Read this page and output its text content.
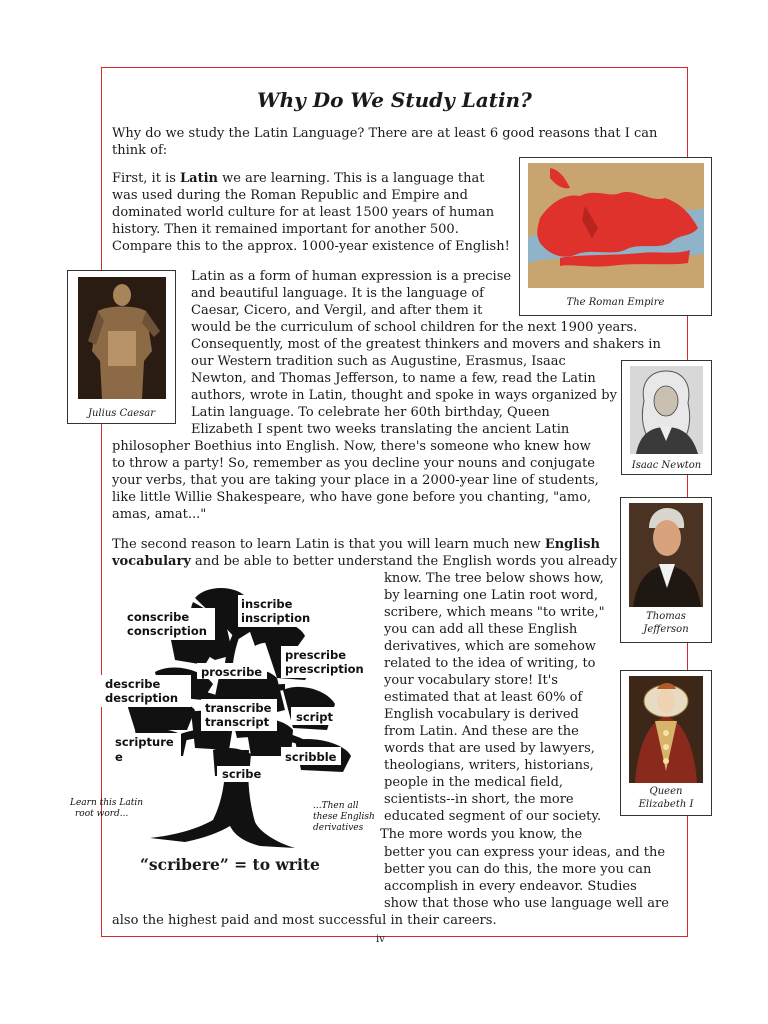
Why Do We Study Latin?

Why do we study the Latin Language? There are at least 6 good reasons that I can

think of:

First, it is Latin we are learning. This is a language that

was used during the Roman Republic and Empire and

dominated world culture for at least 1500 years of human

history. Then it remained important for another 500.

Compare this to the approx. 1000-year existence of English!

The Roman Empire
Julius Caesar

Latin as a form of human expression is a precise

and beautiful language. It is the language of

Caesar, Cicero, and Vergil, and after them it

would be the curriculum of school children for the next 1900 years.

Consequently, most of the greatest thinkers and movers and shakers in

our Western tradition such as Augustine, Erasmus, Isaac

Newton, and Thomas Jefferson, to name a few, read the Latin

authors, wrote in Latin, thought and spoke in ways organized by

Latin language. To celebrate her 60th birthday, Queen

Elizabeth I spent two weeks translating the ancient Latin

philosopher Boethius into English. Now, there's someone who knew how

to throw a party! So, remember as you decline your nouns and conjugate

your verbs, that you are taking your place in a 2000-year line of students,

like little Willie Shakespeare, who have gone before you chanting, "amo,

amas, amat..."

Isaac Newton

The second reason to learn Latin is that you will learn much new English

vocabulary and be able to better understand the English words you already

Thomas
Jefferson
Queen
Elizabeth I

know. The tree below shows how,

by learning one Latin root word,

scribere, which means "to write,"

you can add all these English

derivatives, which are somehow

related to the idea of writing, to

your vocabulary store! It's

estimated that at least 60% of

English vocabulary is derived

from Latin. And these are the

words that are used by lawyers,

theologians, writers, historians,

people in the medical field,

scientists--in short, the more

educated segment of our society.

The more words you know, the

better you can express your ideas, and the

better you can do this, the more you can

accomplish in every endeavor. Studies

show that those who use language well are

also the highest paid and most successful in their careers.

conscribe
conscription
inscribe
inscription
prescribe
prescription
proscribe
describe
description
transcribe
transcript script
scripture
e	scribble
scribe
Learn this Latin
root word...
...Then all
these English
derivatives
“scribere” = to write
iv
